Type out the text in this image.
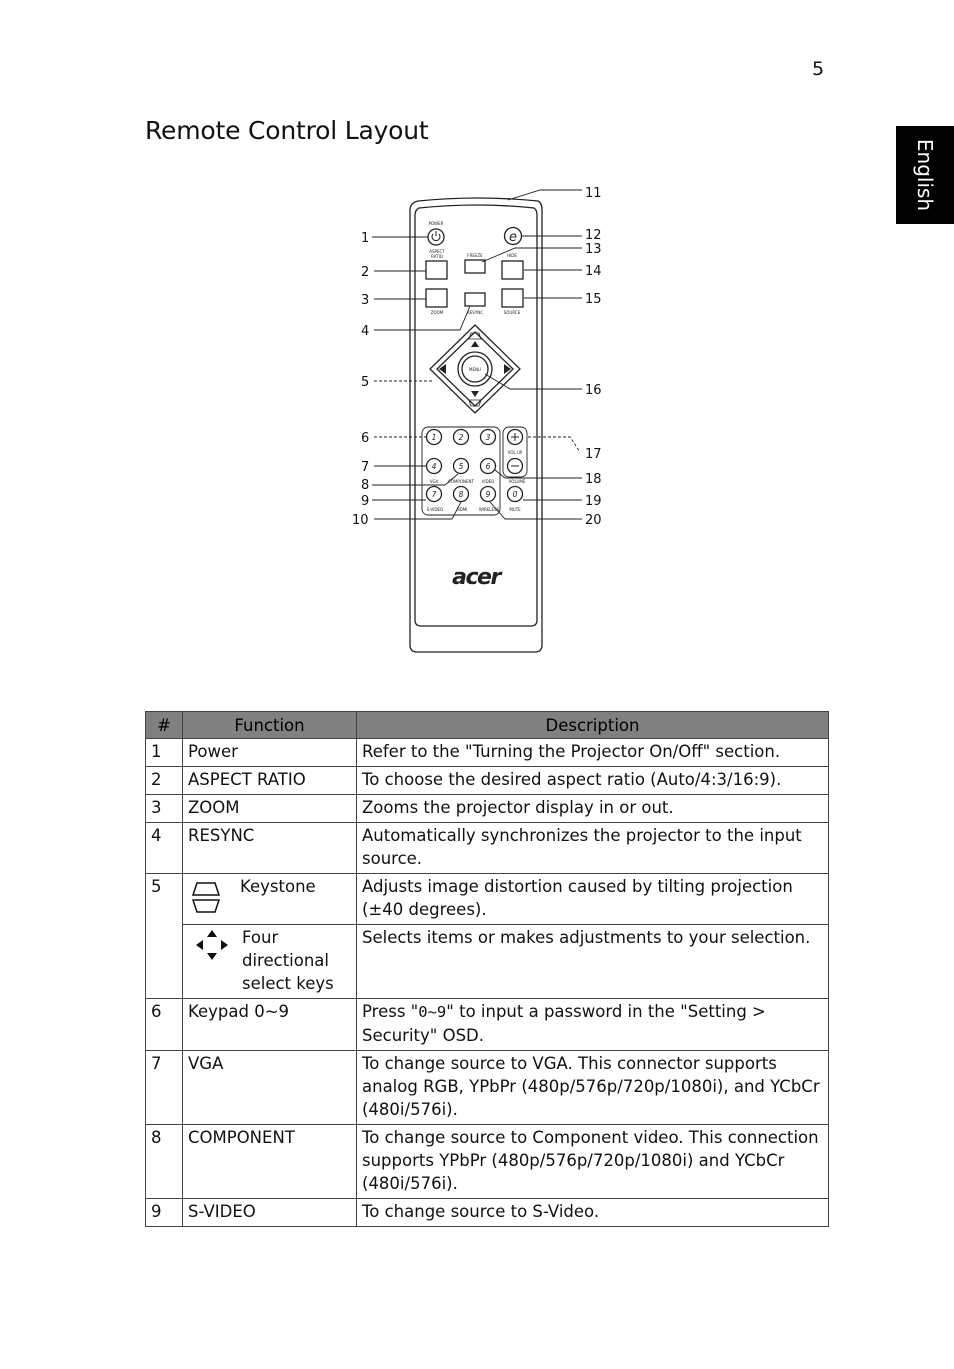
5
Remote Control Layout
English
POWER
ASPECT
RATIO	FREEZE	HIDE
ZOOM	RESYNC	SOURCE
MENU
VOL UP
VOLUME
VGA COMPONENT VIDEO
S-VIDEO	HDMI	WIRELESS	MUTE
1	2	3
4	5	6
7	8	9	0
e
acer
1
2
3
4
5
6
7
8
9
10
11
12
13
14
15
16
17
18
19
20
#	Function	Description
1	Power	Refer to the "Turning the Projector On/Off" section.
2	ASPECT RATIO	To choose the desired aspect ratio (Auto/4:3/16:9).
3	ZOOM	Zooms the projector display in or out.
4	RESYNC	Automatically synchronizes the projector to the input source.
5	Keystone	Adjusts image distortion caused by tilting projection (±40 degrees).

	Four directional select keys	Selects items or makes adjustments to your selection.
6	Keypad 0~9	Press "0~9" to input a password in the "Setting > Security" OSD.
7	VGA	To change source to VGA. This connector supports analog RGB, YPbPr (480p/576p/720p/1080i), and YCbCr (480i/576i).
8	COMPONENT	To change source to Component video. This connection supports YPbPr (480p/576p/720p/1080i) and YCbCr (480i/576i).
9	S-VIDEO	To change source to S-Video.
